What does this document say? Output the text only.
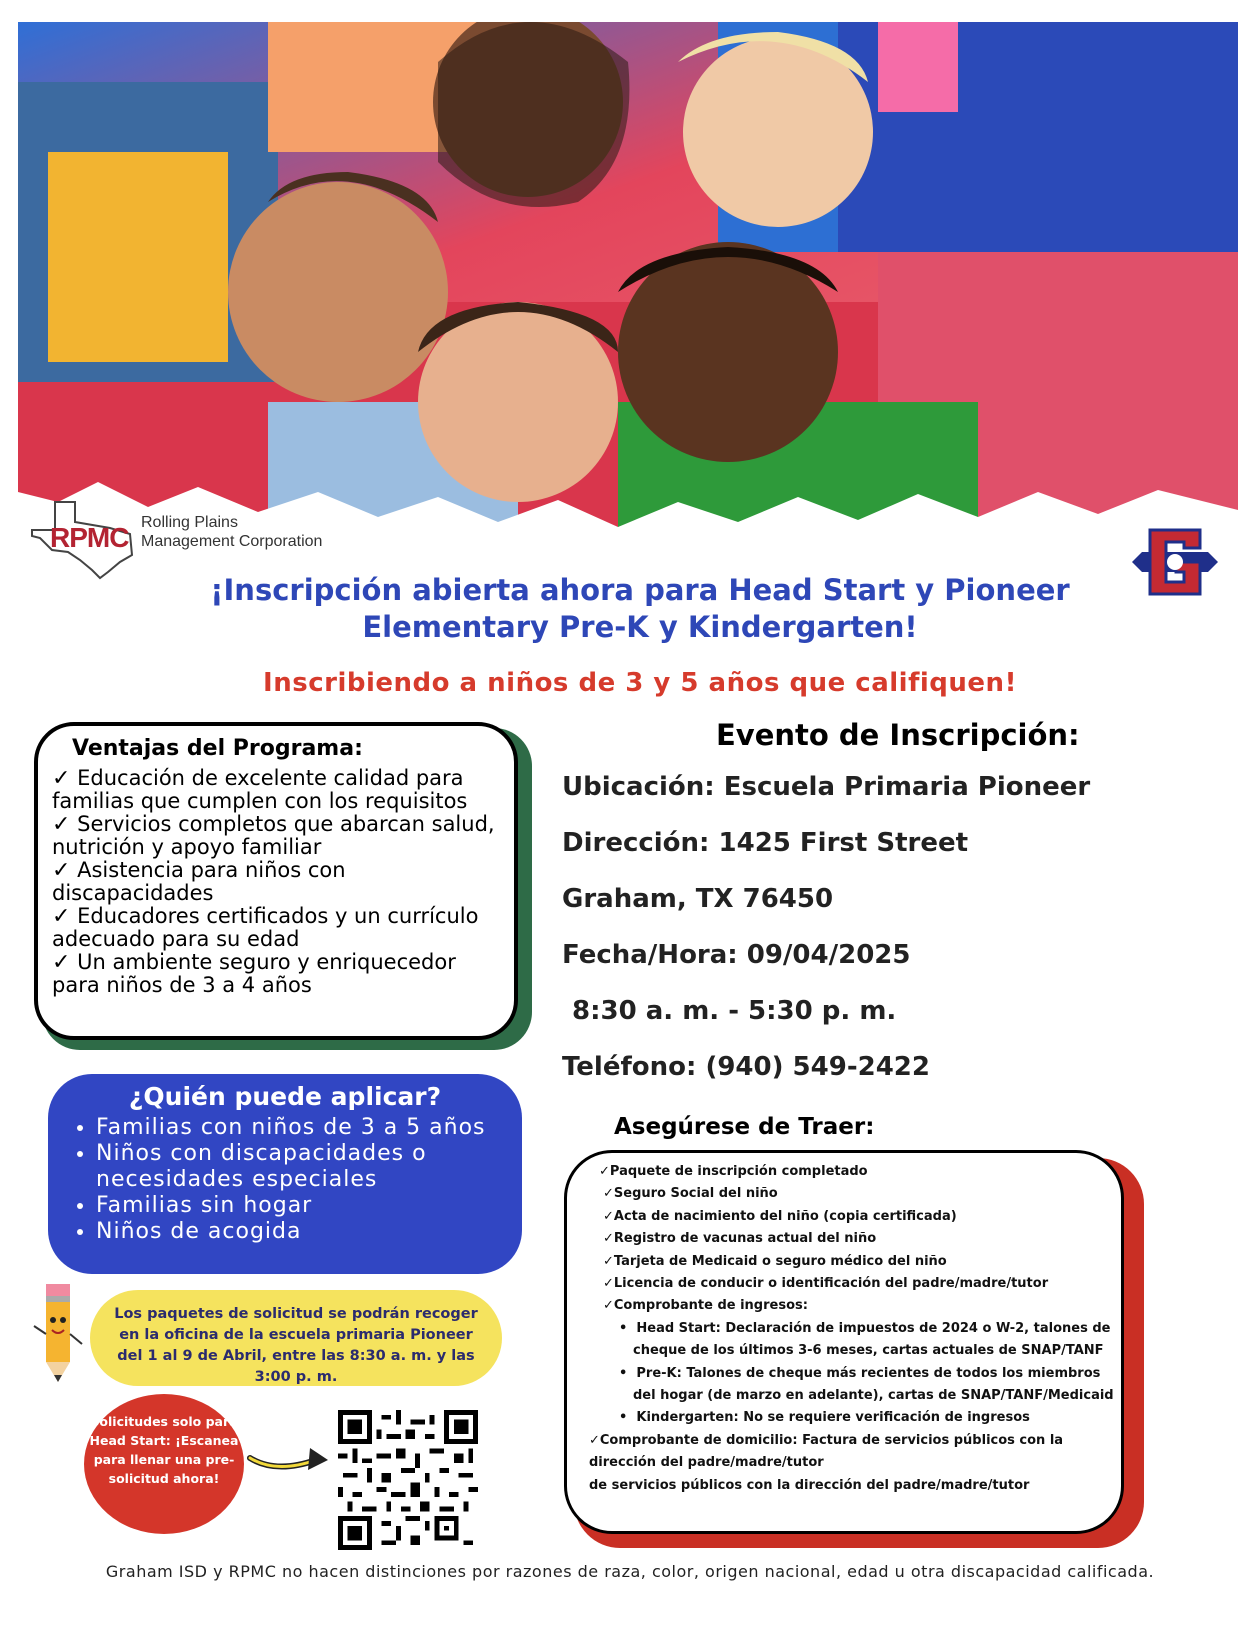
RPMC Rolling Plains
Management Corporation
¡Inscripción abierta ahora para Head Start y Pioneer
Elementary Pre-K y Kindergarten!
Inscribiendo a niños de 3 y 5 años que califiquen!
Ventajas del Programa:
✓ Educación de excelente calidad para familias que cumplen con los requisitos
✓ Servicios completos que abarcan salud, nutrición y apoyo familiar
✓ Asistencia para niños con discapacidades
✓ Educadores certificados y un currículo adecuado para su edad
✓ Un ambiente seguro y enriquecedor para niños de 3 a 4 años
¿Quién puede aplicar?
• Familias con niños de 3 a 5 años
• Niños con discapacidades o necesidades especiales
• Familias sin hogar
• Niños de acogida
Los paquetes de solicitud se podrán recoger en la oficina de la escuela primaria Pioneer del 1 al 9 de Abril, entre las 8:30 a. m. y las 3:00 p. m.
Solicitudes solo para Head Start: ¡Escanea para llenar una pre-solicitud ahora!
Evento de Inscripción:
Ubicación: Escuela Primaria Pioneer
Dirección: 1425 First Street
Graham, TX 76450
Fecha/Hora: 09/04/2025
8:30 a. m. - 5:30 p. m.
Teléfono: (940) 549-2422
Asegúrese de Traer:

✓Paquete de inscripción completado

✓Seguro Social del niño

✓Acta de nacimiento del niño (copia certificada)

✓Registro de vacunas actual del niño

✓Tarjeta de Medicaid o seguro médico del niño

✓Licencia de conducir o identificación del padre/madre/tutor

✓Comprobante de ingresos:

•  Head Start: Declaración de impuestos de 2024 o W-2, talones de cheque de los últimos 3-6 meses, cartas actuales de SNAP/TANF

•  Pre-K: Talones de cheque más recientes de todos los miembros del hogar (de marzo en adelante), cartas de SNAP/TANF/Medicaid

•  Kindergarten: No se requiere verificación de ingresos

✓Comprobante de domicilio: Factura de servicios públicos con la dirección del padre/madre/tutor

de servicios públicos con la dirección del padre/madre/tutor

Graham ISD y RPMC no hacen distinciones por razones de raza, color, origen nacional, edad u otra discapacidad calificada.
